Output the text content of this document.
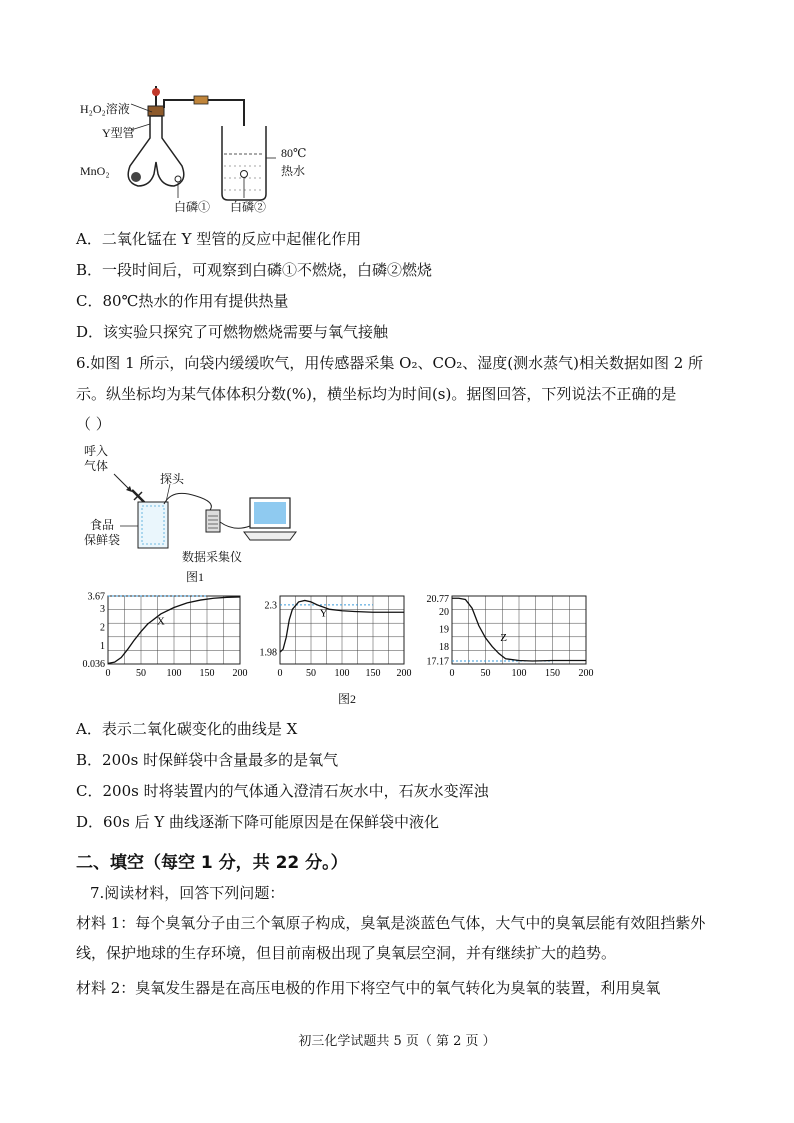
H₂O₂溶液
Y型管
MnO₂
80℃
热水
白磷① 白磷②
A．二氧化锰在 Y 型管的反应中起催化作用
B．一段时间后，可观察到白磷①不燃烧，白磷②燃烧
C．80℃热水的作用有提供热量
D．该实验只探究了可燃物燃烧需要与氧气接触
6.如图 1 所示，向袋内缓缓吹气，用传感器采集 O₂、CO₂、湿度(测水蒸气)相关数据如图 2 所
示。纵坐标均为某气体体积分数(%)，横坐标均为时间(s)。据图回答，下列说法不正确的是
（ ）
呼入
气体
探头
食品
保鲜袋
数据采集仪
图1
0	50 100 150 200
0.036
1
2
3
3.67
X
0 50 100 150 200
1.98
2.3
Y
0	50 100 150 200
17.17
18
19
20
20.77
Z
图2
A．表示二氧化碳变化的曲线是 X
B．200s 时保鲜袋中含量最多的是氧气
C．200s 时将装置内的气体通入澄清石灰水中，石灰水变浑浊
D．60s 后 Y 曲线逐渐下降可能原因是在保鲜袋中液化
二、填空（每空 1 分，共 22 分。）
7.阅读材料，回答下列问题：
材料 1：每个臭氧分子由三个氧原子构成，臭氧是淡蓝色气体，大气中的臭氧层能有效阻挡紫外线，保护地球的生存环境，但目前南极出现了臭氧层空洞，并有继续扩大的趋势。
材料 2：臭氧发生器是在高压电极的作用下将空气中的氧气转化为臭氧的装置，利用臭氧
初三化学试题共 5 页（ 第 2 页 ）
